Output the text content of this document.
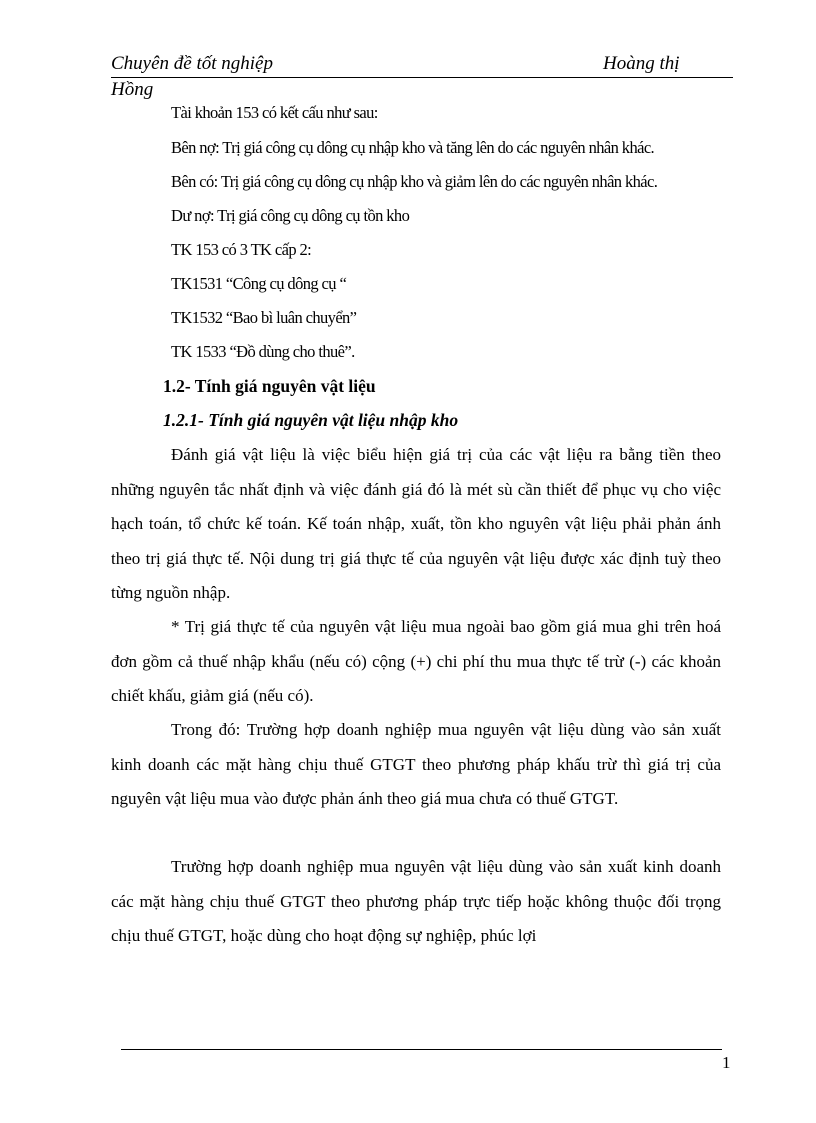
Chuyên đề tốt nghiệp	Hoàng thị
Hồng
Tài khoản 153 có kết cấu như sau:
Bên nợ: Trị giá công cụ dông cụ nhập kho và tăng lên do các nguyên nhân khác.
Bên có: Trị giá công cụ dông cụ nhập kho và giảm lên do các nguyên nhân khác.
Dư nợ: Trị giá công cụ dông cụ tồn kho
TK 153 có 3 TK cấp 2:
TK1531 “Công cụ dông cụ “
TK1532 “Bao bì luân chuyển”
TK 1533 “Đồ dùng cho thuê”.
1.2- Tính giá nguyên vật liệu
1.2.1- Tính giá nguyên vật liệu nhập kho
Đánh giá vật liệu là việc biểu hiện giá trị của các vật liệu ra bằng tiền theo những nguyên tắc nhất định và việc đánh giá đó là mét sù cần thiết để phục vụ cho việc hạch toán, tổ chức kế toán. Kế toán nhập, xuất, tồn kho nguyên vật liệu phải phản ánh theo trị giá thực tế. Nội dung trị giá thực tế của nguyên vật liệu được xác định tuỳ theo từng nguồn nhập.
* Trị giá thực tế của nguyên vật liệu mua ngoài bao gồm giá mua ghi trên hoá đơn gồm cả thuế nhập khẩu (nếu có) cộng (+) chi phí thu mua thực tế trừ (-) các khoản chiết khấu, giảm giá (nếu có).
Trong đó: Trường hợp doanh nghiệp mua nguyên vật liệu dùng vào sản xuất kinh doanh các mặt hàng chịu thuế GTGT theo phương pháp khấu trừ thì giá trị của nguyên vật liệu mua vào được phản ánh theo giá mua chưa có thuế GTGT.
Trường hợp doanh nghiệp mua nguyên vật liệu dùng vào sản xuất kinh doanh các mặt hàng chịu thuế GTGT theo phương pháp trực tiếp hoặc không thuộc đối trọng chịu thuế GTGT, hoặc dùng cho hoạt động sự nghiệp, phúc lợi
1
